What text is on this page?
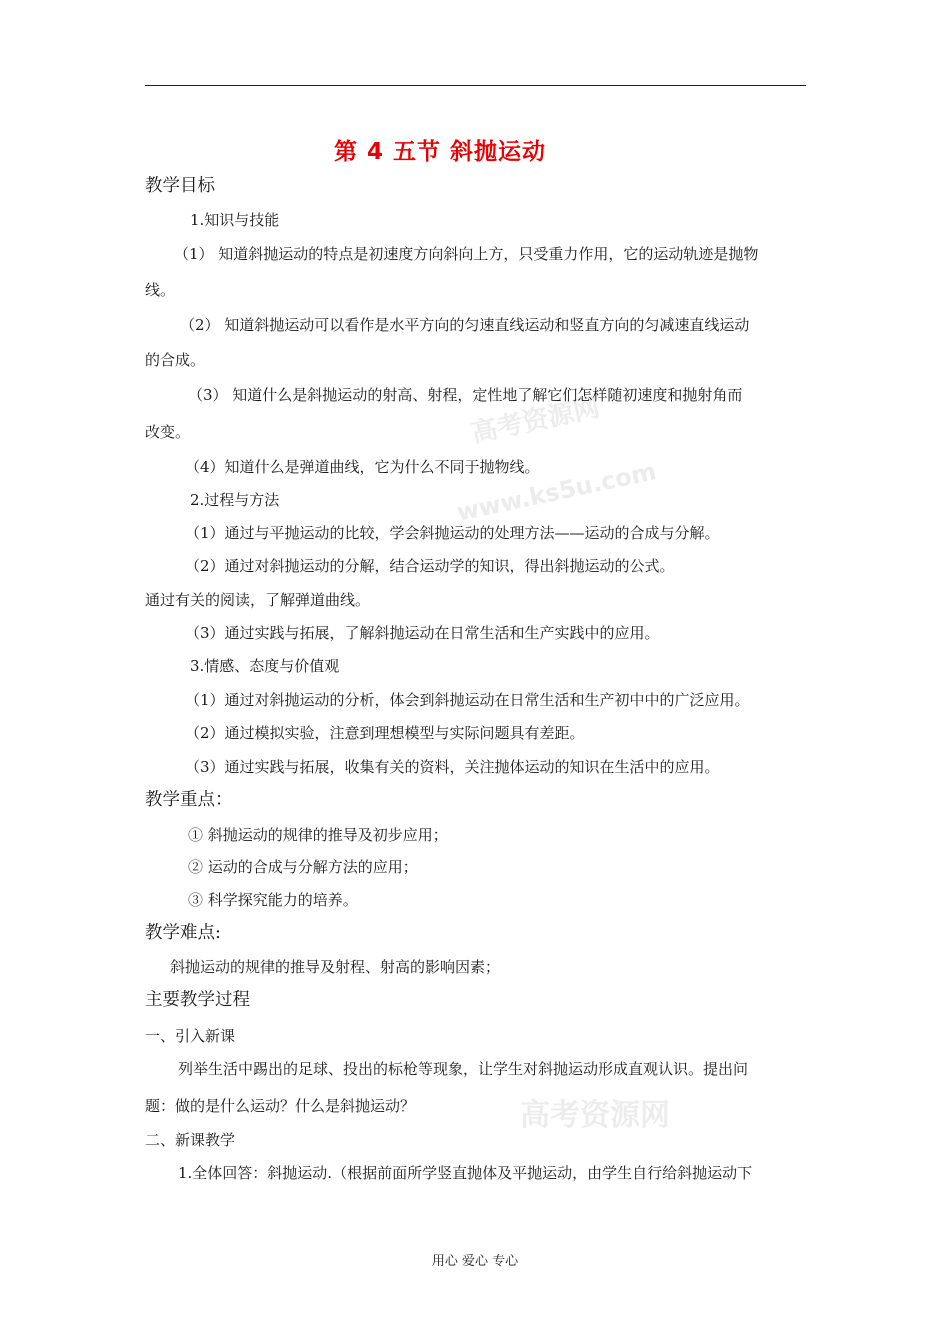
高考资源网
www.ks5u.com
高考资源网
第 4 五节 斜抛运动
教学目标
1.知识与技能
（1） 知道斜抛运动的特点是初速度方向斜向上方，只受重力作用，它的运动轨迹是抛物
线。
（2） 知道斜抛运动可以看作是水平方向的匀速直线运动和竖直方向的匀减速直线运动
的合成。
（3） 知道什么是斜抛运动的射高、射程，定性地了解它们怎样随初速度和抛射角而
改变。
（4）知道什么是弹道曲线，它为什么不同于抛物线。
2.过程与方法
（1）通过与平抛运动的比较，学会斜抛运动的处理方法——运动的合成与分解。
（2）通过对斜抛运动的分解，结合运动学的知识，得出斜抛运动的公式。
通过有关的阅读，了解弹道曲线。
（3）通过实践与拓展，了解斜抛运动在日常生活和生产实践中的应用。
3.情感、态度与价值观
（1）通过对斜抛运动的分析，体会到斜抛运动在日常生活和生产初中中的广泛应用。
（2）通过模拟实验，注意到理想模型与实际问题具有差距。
（3）通过实践与拓展，收集有关的资料，关注抛体运动的知识在生活中的应用。
教学重点：
① 斜抛运动的规律的推导及初步应用；
② 运动的合成与分解方法的应用；
③ 科学探究能力的培养。
教学难点:
斜抛运动的规律的推导及射程、射高的影响因素；
主要教学过程
一、引入新课
列举生活中踢出的足球、投出的标枪等现象，让学生对斜抛运动形成直观认识。提出问
题：做的是什么运动？什么是斜抛运动？
二、新课教学
1.全体回答：斜抛运动.（根据前面所学竖直抛体及平抛运动，由学生自行给斜抛运动下
用心 爱心 专心
